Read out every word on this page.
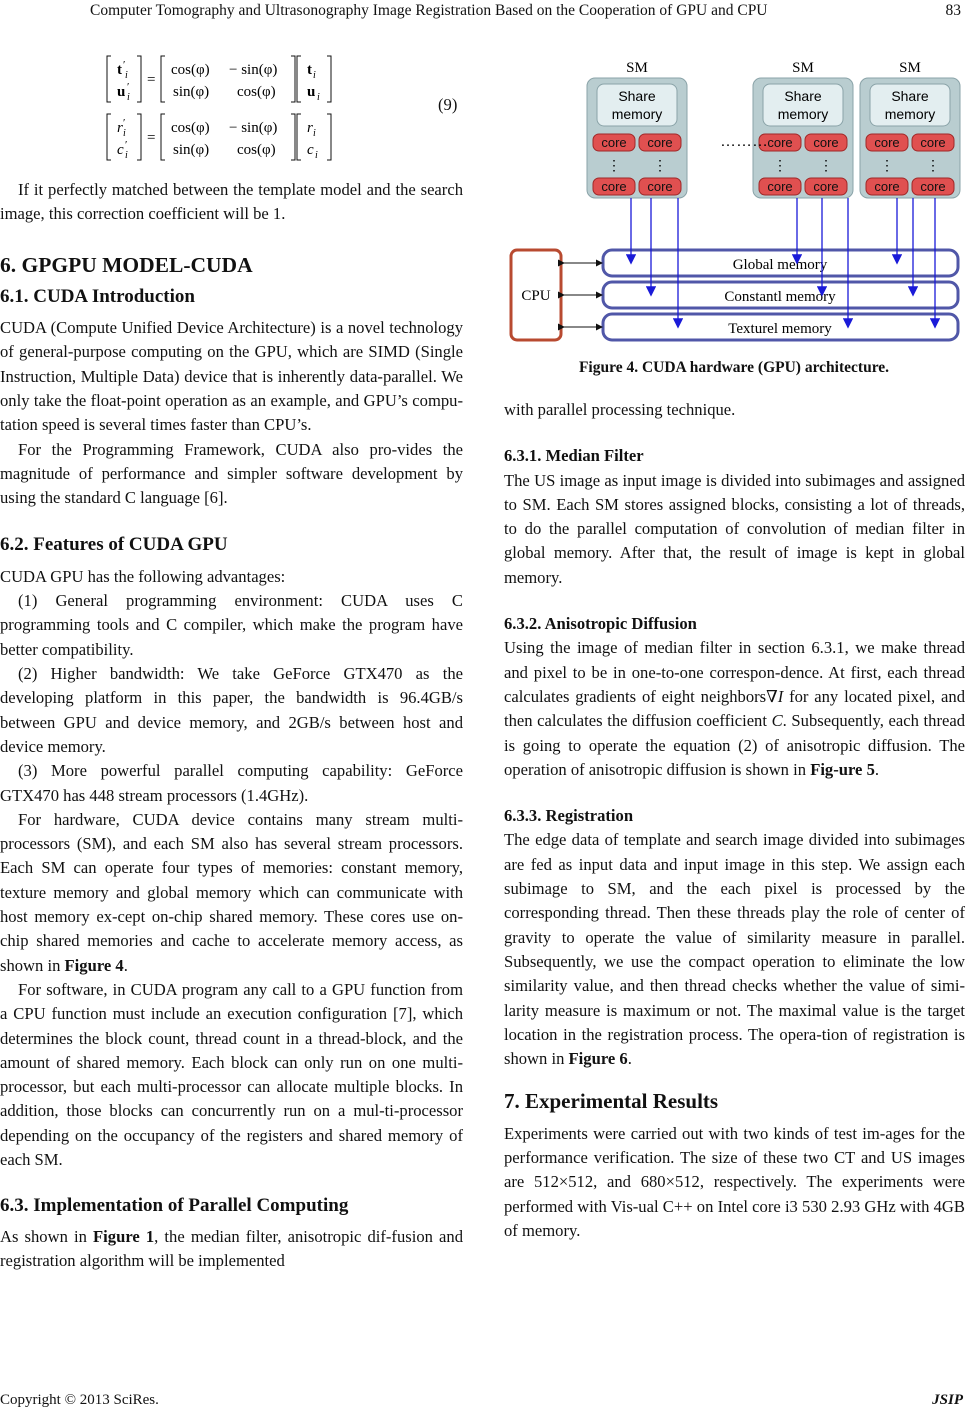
Computer Tomography and Ultrasonography Image Registration Based on the Cooperation of GPU and CPU	83
t ′
i
u ′
i
=
cos(φ) − sin(φ)
sin(φ) cos(φ)
t i
u i
r ′
i
c ′
i
=
cos(φ) − sin(φ)
sin(φ) cos(φ)
r i
c i
(9)

If it perfectly matched between the template model and the search image, this correction coefficient will be 1.

6. GPGPU MODEL-CUDA
6.1. CUDA Introduction

CUDA (Compute Unified Device Architecture) is a novel technology of general-purpose computing on the GPU, which are SIMD (Single Instruction, Multiple Data) device that is inherently data-parallel. We only take the float-point operation as an example, and GPU’s compu-tation speed is several times faster than CPU’s.

For the Programming Framework, CUDA also pro-vides the magnitude of performance and simpler software development by using the standard C language [6].

6.2. Features of CUDA GPU

CUDA GPU has the following advantages:

(1) General programming environment: CUDA uses C programming tools and C compiler, which make the program have better compatibility.

(2) Higher bandwidth: We take GeForce GTX470 as the developing platform in this paper, the bandwidth is 96.4GB/s between GPU and device memory, and 2GB/s between host and device memory.

(3) More powerful parallel computing capability: GeForce GTX470 has 448 stream processors (1.4GHz).

For hardware, CUDA device contains many stream multi-processors (SM), and each SM also has several stream processors. Each SM can operate four types of memories: constant memory, texture memory and global memory which can communicate with host memory ex-cept on-chip shared memory. These cores use on-chip shared memories and cache to accelerate memory access, as shown in Figure 4.

For software, in CUDA program any call to a GPU function from a CPU function must include an execution configuration [7], which determines the block count, thread count in a thread-block, and the amount of shared memory. Each block can only run on one multi-processor, but each multi-processor can allocate multiple blocks. In addition, those blocks can concurrently run on a mul-ti-processor depending on the occupancy of the registers and shared memory of each SM.

6.3. Implementation of Parallel Computing

As shown in Figure 1, the median filter, anisotropic dif-fusion and registration algorithm will be implemented

SM
Share
memory
core core
core core
⋮ ⋮
SM
Share
memory
core core
core core
⋮ ⋮
SM
Share
memory
core core
core core
⋮ ⋮
………
Global memory
Constantl memory
Texturel memory
CPU
Figure 4. CUDA hardware (GPU) architecture.

with parallel processing technique.

6.3.1. Median Filter

The US image as input image is divided into subimages and assigned to SM. Each SM stores assigned blocks, consisting a lot of threads, to do the parallel computation of convolution of median filter in global memory. After that, the result of image is kept in global memory.

6.3.2. Anisotropic Diffusion

Using the image of median filter in section 6.3.1, we make thread and pixel to be in one-to-one correspon-dence. At first, each thread calculates gradients of eight neighbors∇I for any located pixel, and then calculates the diffusion coefficient C. Subsequently, each thread is going to operate the equation (2) of anisotropic diffusion. The operation of anisotropic diffusion is shown in Fig-ure 5.

6.3.3. Registration

The edge data of template and search image divided into subimages are fed as input data and input image in this step. We assign each subimage to SM, and the each pixel is processed by the corresponding thread. Then these threads play the role of center of gravity to operate the value of similarity measure in parallel. Subsequently, we use the compact operation to eliminate the low similarity value, and then thread checks whether the value of simi-larity measure is maximum or not. The maximal value is the target location in the registration process. The opera-tion of registration is shown in Figure 6.

7. Experimental Results

Experiments were carried out with two kinds of test im-ages for the performance verification. The size of these two CT and US images are 512×512, and 680×512, respectively. The experiments were performed with Vis-ual C++ on Intel core i3 530 2.93 GHz with 4GB of memory.

Copyright © 2013 SciRes.	JSIP
